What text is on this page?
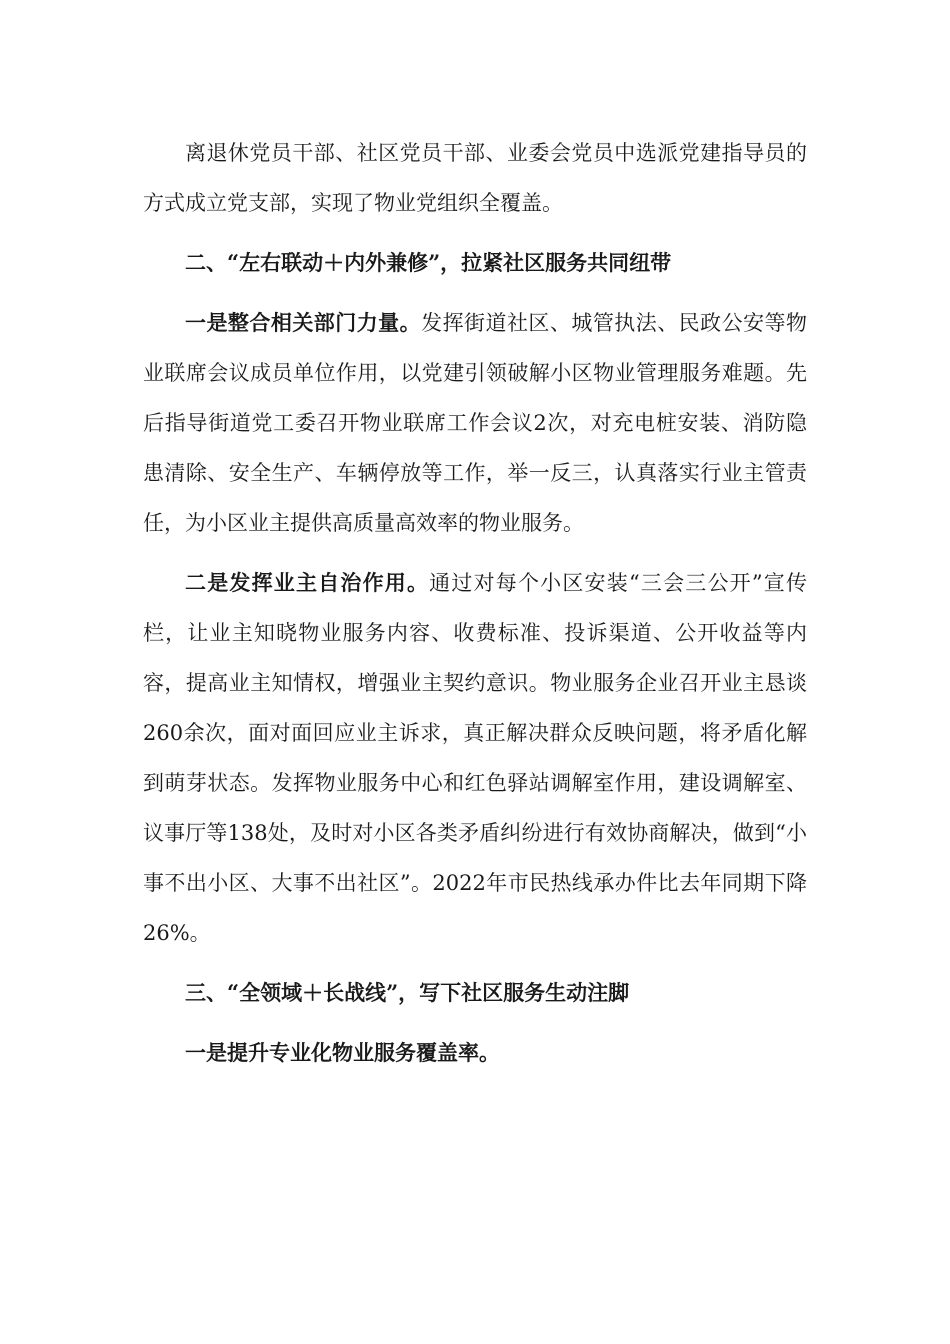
离退休党员干部、社区党员干部、业委会党员中选派党建指导员的方式成立党支部，实现了物业党组织全覆盖。

二、“左右联动＋内外兼修”，拉紧社区服务共同纽带

一是整合相关部门力量。发挥街道社区、城管执法、民政公安等物业联席会议成员单位作用，以党建引领破解小区物业管理服务难题。先后指导街道党工委召开物业联席工作会议2次，对充电桩安装、消防隐患清除、安全生产、车辆停放等工作，举一反三，认真落实行业主管责任，为小区业主提供高质量高效率的物业服务。

二是发挥业主自治作用。通过对每个小区安装“三会三公开”宣传栏，让业主知晓物业服务内容、收费标准、投诉渠道、公开收益等内容，提高业主知情权，增强业主契约意识。物业服务企业召开业主恳谈260余次，面对面回应业主诉求，真正解决群众反映问题，将矛盾化解到萌芽状态。发挥物业服务中心和红色驿站调解室作用，建设调解室、议事厅等138处，及时对小区各类矛盾纠纷进行有效协商解决，做到“小事不出小区、大事不出社区”。2022年市民热线承办件比去年同期下降26%。

三、“全领域＋长战线”，写下社区服务生动注脚

一是提升专业化物业服务覆盖率。
